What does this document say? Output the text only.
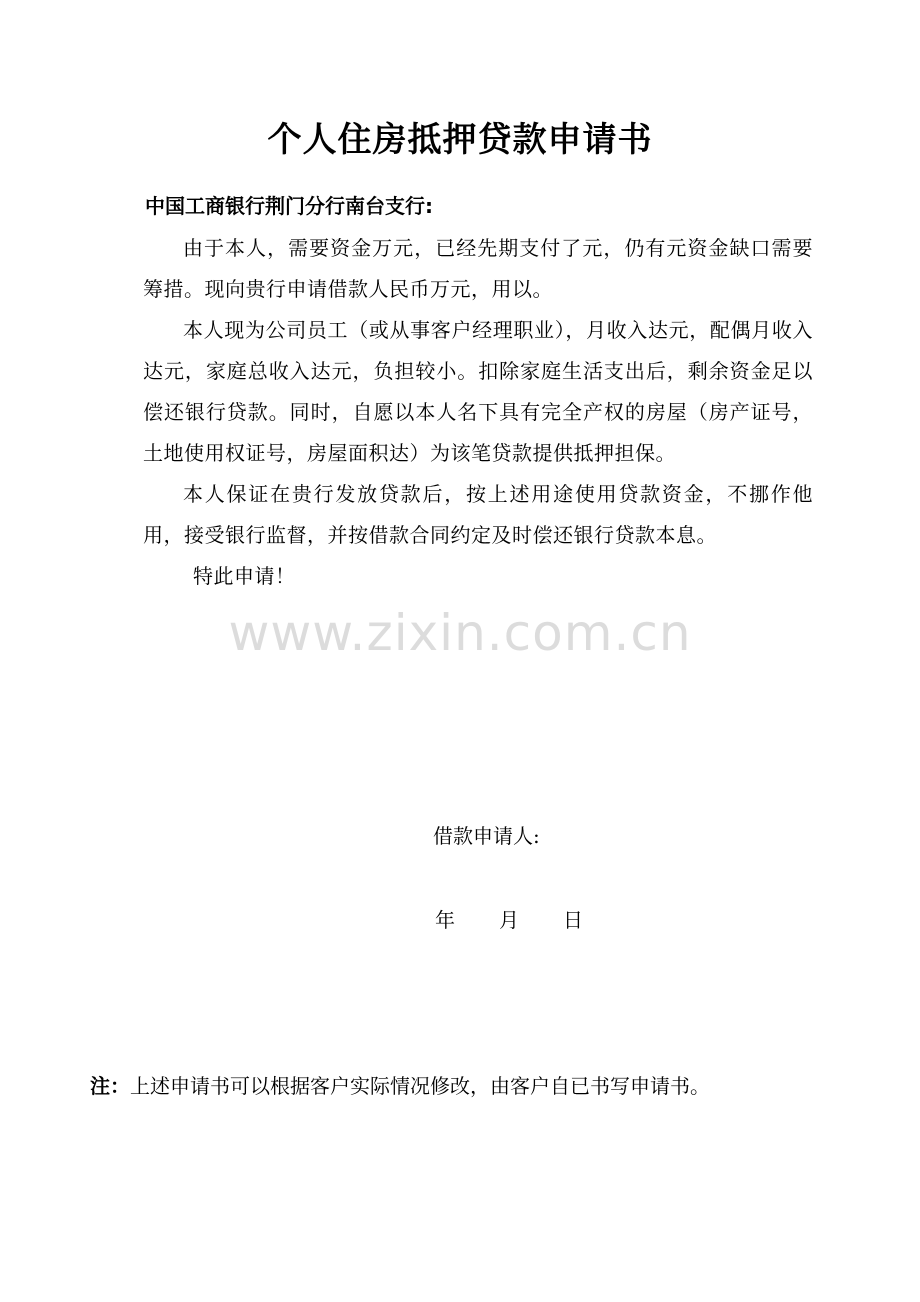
个人住房抵押贷款申请书
中国工商银行荆门分行南台支行:

由于本人，需要资金万元，已经先期支付了元，仍有元资金缺口需要筹措。现向贵行申请借款人民币万元，用以。

本人现为公司员工（或从事客户经理职业），月收入达元，配偶月收入达元，家庭总收入达元，负担较小。扣除家庭生活支出后，剩余资金足以偿还银行贷款。同时，自愿以本人名下具有完全产权的房屋（房产证号，土地使用权证号，房屋面积达）为该笔贷款提供抵押担保。

本人保证在贵行发放贷款后，按上述用途使用贷款资金，不挪作他用，接受银行监督，并按借款合同约定及时偿还银行贷款本息。

特此申请！

www.zixin.com.cn
借款申请人:
年 月 日
注：上述申请书可以根据客户实际情况修改，由客户自已书写申请书。
